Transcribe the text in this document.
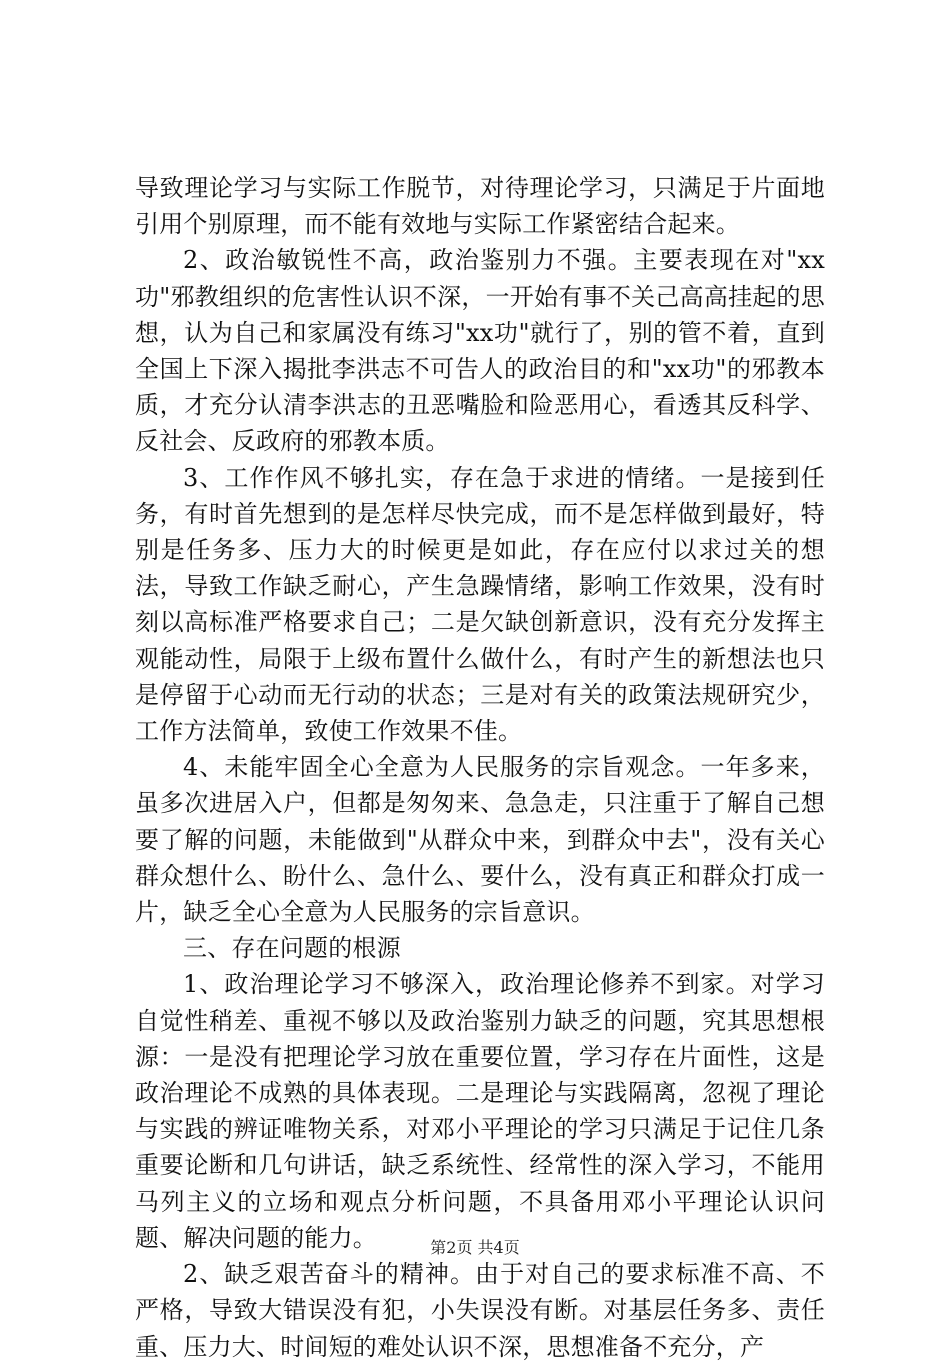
导致理论学习与实际工作脱节，对待理论学习，只满足于片面地引用个别原理，而不能有效地与实际工作紧密结合起来。

2、政治敏锐性不高，政治鉴别力不强。主要表现在对"xx功"邪教组织的危害性认识不深，一开始有事不关己高高挂起的思想，认为自己和家属没有练习"xx功"就行了，别的管不着，直到全国上下深入揭批李洪志不可告人的政治目的和"xx功"的邪教本质，才充分认清李洪志的丑恶嘴脸和险恶用心，看透其反科学、反社会、反政府的邪教本质。

3、工作作风不够扎实，存在急于求进的情绪。一是接到任务，有时首先想到的是怎样尽快完成，而不是怎样做到最好，特别是任务多、压力大的时候更是如此，存在应付以求过关的想法，导致工作缺乏耐心，产生急躁情绪，影响工作效果，没有时刻以高标准严格要求自己；二是欠缺创新意识，没有充分发挥主观能动性，局限于上级布置什么做什么，有时产生的新想法也只是停留于心动而无行动的状态；三是对有关的政策法规研究少，工作方法简单，致使工作效果不佳。

4、未能牢固全心全意为人民服务的宗旨观念。一年多来，虽多次进居入户，但都是匆匆来、急急走，只注重于了解自己想要了解的问题，未能做到"从群众中来，到群众中去"，没有关心群众想什么、盼什么、急什么、要什么，没有真正和群众打成一片，缺乏全心全意为人民服务的宗旨意识。

三、存在问题的根源

1、政治理论学习不够深入，政治理论修养不到家。对学习自觉性稍差、重视不够以及政治鉴别力缺乏的问题，究其思想根源：一是没有把理论学习放在重要位置，学习存在片面性，这是政治理论不成熟的具体表现。二是理论与实践隔离，忽视了理论与实践的辨证唯物关系，对邓小平理论的学习只满足于记住几条重要论断和几句讲话，缺乏系统性、经常性的深入学习，不能用马列主义的立场和观点分析问题，不具备用邓小平理论认识问题、解决问题的能力。

2、缺乏艰苦奋斗的精神。由于对自己的要求标准不高、不严格，导致大错误没有犯，小失误没有断。对基层任务多、责任重、压力大、时间短的难处认识不深，思想准备不充分，产

第2页 共4页
